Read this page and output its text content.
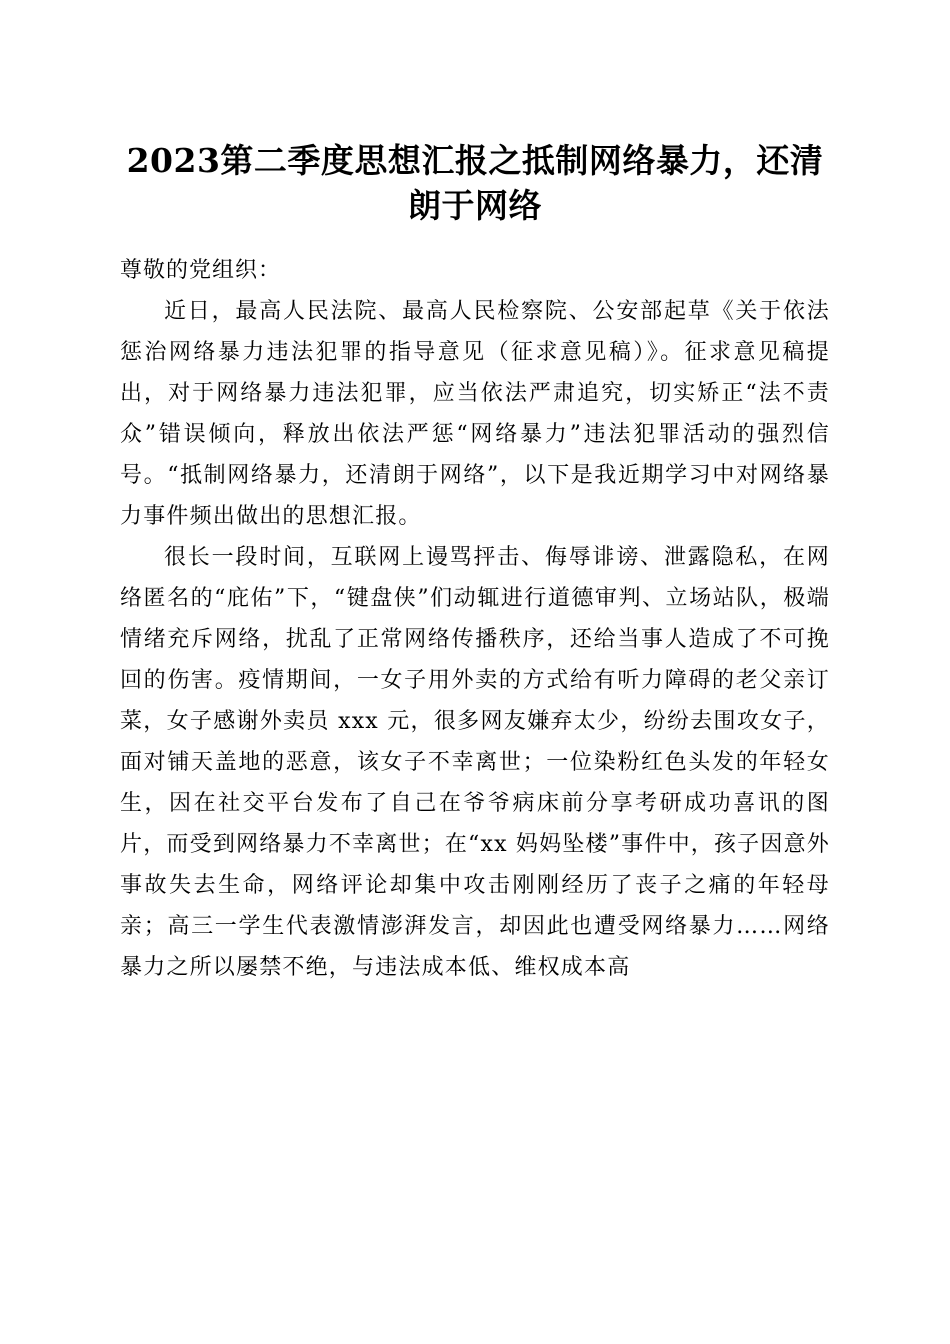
2023第二季度思想汇报之抵制网络暴力，还清朗于网络

尊敬的党组织：

近日，最高人民法院、最高人民检察院、公安部起草《关于依法惩治网络暴力违法犯罪的指导意见（征求意见稿）》。征求意见稿提出，对于网络暴力违法犯罪，应当依法严肃追究，切实矫正“法不责众”错误倾向，释放出依法严惩“网络暴力”违法犯罪活动的强烈信号。“抵制网络暴力，还清朗于网络”，以下是我近期学习中对网络暴力事件频出做出的思想汇报。

很长一段时间，互联网上谩骂抨击、侮辱诽谤、泄露隐私，在网络匿名的“庇佑”下，“键盘侠”们动辄进行道德审判、立场站队，极端情绪充斥网络，扰乱了正常网络传播秩序，还给当事人造成了不可挽回的伤害。疫情期间，一女子用外卖的方式给有听力障碍的老父亲订菜，女子感谢外卖员 xxx 元，很多网友嫌弃太少，纷纷去围攻女子，面对铺天盖地的恶意，该女子不幸离世；一位染粉红色头发的年轻女生，因在社交平台发布了自己在爷爷病床前分享考研成功喜讯的图片，而受到网络暴力不幸离世；在“xx 妈妈坠楼”事件中，孩子因意外事故失去生命，网络评论却集中攻击刚刚经历了丧子之痛的年轻母亲；高三一学生代表激情澎湃发言，却因此也遭受网络暴力……网络暴力之所以屡禁不绝，与违法成本低、维权成本高
